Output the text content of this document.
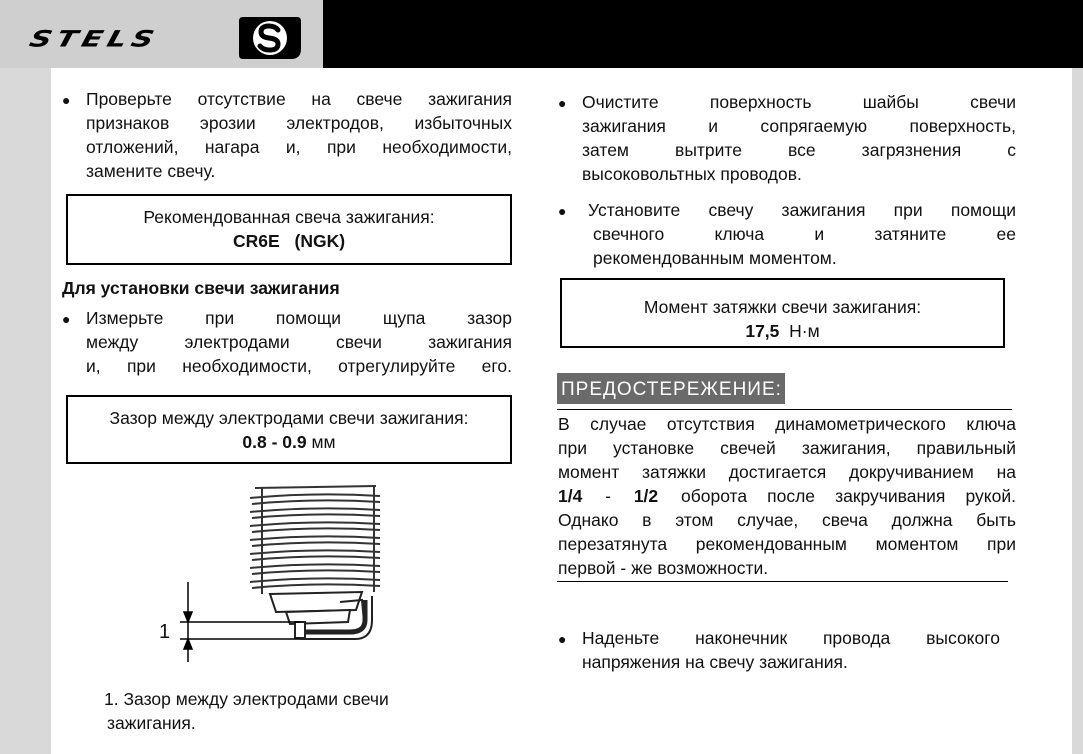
STELS
● Проверьте отсутствие на свече зажигания
признаков эрозии электродов, избыточных
отложений, нагара и, при необходимости,
замените свечу.
Рекомендованная свеча зажигания:
CR6E (NGK)
Для установки свечи зажигания
● Измерьте при помощи щупа зазор
между электродами свечи зажигания
и, при необходимости, отрегулируйте его.
Зазор между электродами свечи зажигания:
0.8 - 0.9 мм
1
1. Зазор между электродами свечи
зажигания.
● Очистите поверхность шайбы свечи
зажигания и сопрягаемую поверхность,
затем вытрите все загрязнения с
высоковольтных проводов.
● Установите свечу зажигания при помощи
свечного ключа и затяните ее
рекомендованным моментом.
Момент затяжки свечи зажигания:
17,5 Н·м
ПРЕДОСТЕРЕЖЕНИЕ:
В случае отсутствия динамометрического ключа
при установке свечей зажигания, правильный
момент затяжки достигается докручиванием на
1/4 - 1/2 оборота после закручивания рукой.
Однако в этом случае, свеча должна быть
перезатянута рекомендованным моментом при
первой - же возможности.
● Наденьте наконечник провода высокого
напряжения на свечу зажигания.
